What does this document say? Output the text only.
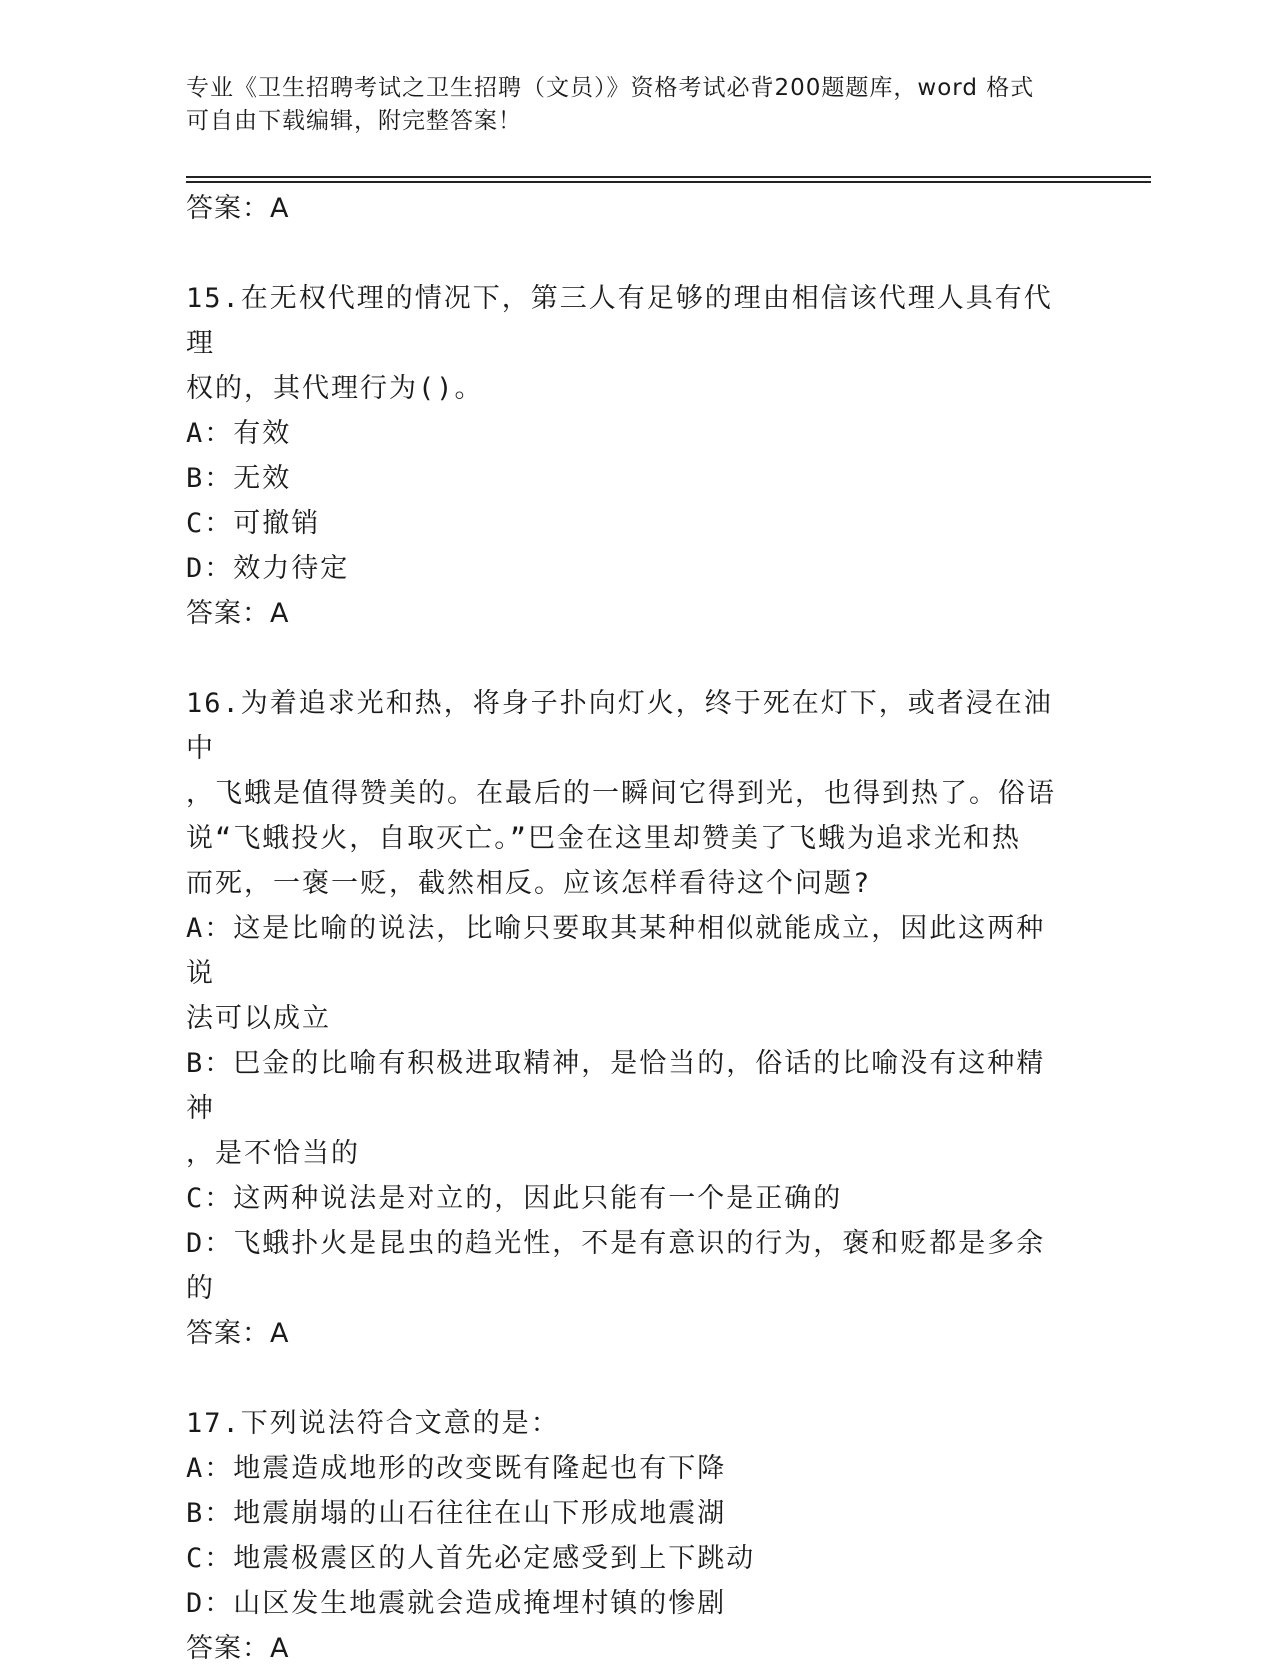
专业《卫生招聘考试之卫生招聘（文员）》资格考试必背200题题库，word 格式
可自由下载编辑，附完整答案！
答案：A
15.在无权代理的情况下，第三人有足够的理由相信该代理人具有代理
权的，其代理行为()。
A：有效
B：无效
C：可撤销
D：效力待定
答案：A
16.为着追求光和热，将身子扑向灯火，终于死在灯下，或者浸在油中
，飞蛾是值得赞美的。在最后的一瞬间它得到光，也得到热了。俗语
说“飞蛾投火，自取灭亡。”巴金在这里却赞美了飞蛾为追求光和热
而死，一褒一贬，截然相反。应该怎样看待这个问题?
A：这是比喻的说法，比喻只要取其某种相似就能成立，因此这两种说
法可以成立
B：巴金的比喻有积极进取精神，是恰当的，俗话的比喻没有这种精神
，是不恰当的
C：这两种说法是对立的，因此只能有一个是正确的
D：飞蛾扑火是昆虫的趋光性，不是有意识的行为，褒和贬都是多余的
答案：A
17.下列说法符合文意的是：
A：地震造成地形的改变既有隆起也有下降
B：地震崩塌的山石往往在山下形成地震湖
C：地震极震区的人首先必定感受到上下跳动
D：山区发生地震就会造成掩埋村镇的惨剧
答案：A
